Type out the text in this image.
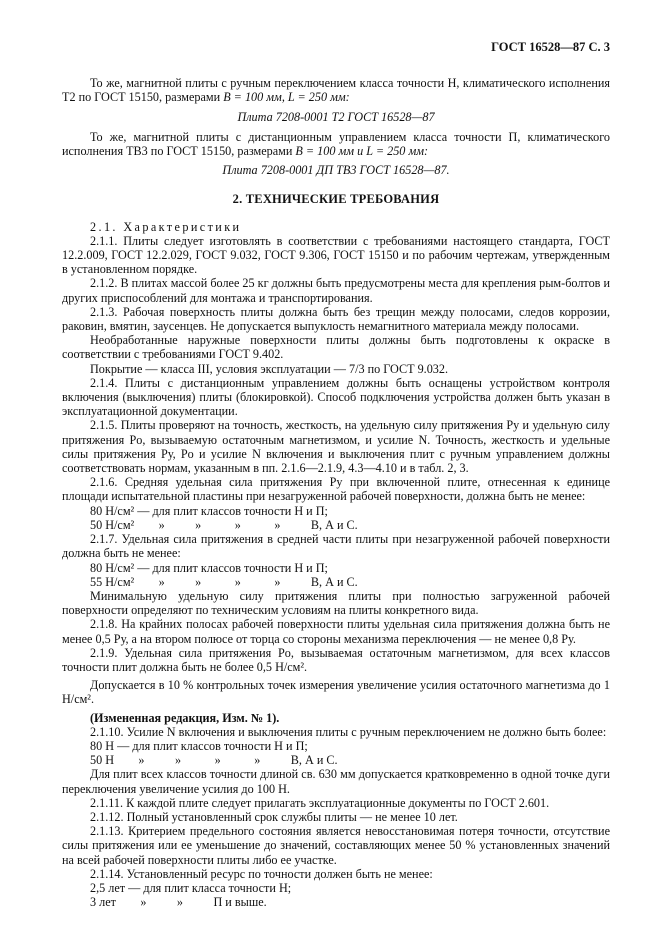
ГОСТ 16528—87 С. 3

То же, магнитной плиты с ручным переключением класса точности Н, климатического исполнения Т2 по ГОСТ 15150, размерами B = 100 мм, L = 250 мм:

Плита 7208-0001 Т2 ГОСТ 16528—87

То же, магнитной плиты с дистанционным управлением класса точности П, климатического исполнения ТВ3 по ГОСТ 15150, размерами B = 100 мм и L = 250 мм:

Плита 7208-0001 ДП ТВ3 ГОСТ 16528—87.

2. ТЕХНИЧЕСКИЕ ТРЕБОВАНИЯ

2.1. Характеристики

2.1.1. Плиты следует изготовлять в соответствии с требованиями настоящего стандарта, ГОСТ 12.2.009, ГОСТ 12.2.029, ГОСТ 9.032, ГОСТ 9.306, ГОСТ 15150 и по рабочим чертежам, утвержденным в установленном порядке.

2.1.2. В плитах массой более 25 кг должны быть предусмотрены места для крепления рым-болтов и других приспособлений для монтажа и транспортирования.

2.1.3. Рабочая поверхность плиты должна быть без трещин между полосами, следов коррозии, раковин, вмятин, заусенцев. Не допускается выпуклость немагнитного материала между полосами.

Необработанные наружные поверхности плиты должны быть подготовлены к окраске в соответствии с требованиями ГОСТ 9.402.

Покрытие — класса III, условия эксплуатации — 7/3 по ГОСТ 9.032.

2.1.4. Плиты с дистанционным управлением должны быть оснащены устройством контроля включения (выключения) плиты (блокировкой). Способ подключения устройства должен быть указан в эксплуатационной документации.

2.1.5. Плиты проверяют на точность, жесткость, на удельную силу притяжения Pу и удельную силу притяжения Pо, вызываемую остаточным магнетизмом, и усилие N. Точность, жесткость и удельные силы притяжения Pу, Pо и усилие N включения и выключения плит с ручным управлением должны соответствовать нормам, указанным в пп. 2.1.6—2.1.9, 4.3—4.10 и в табл. 2, 3.

2.1.6. Средняя удельная сила притяжения Pу при включенной плите, отнесенная к единице площади испытательной пластины при незагруженной рабочей поверхности, должна быть не менее:

80 Н/см² — для плит классов точности Н и П;

50 Н/см²        »          »           »           »          В, А и С.

2.1.7. Удельная сила притяжения в средней части плиты при незагруженной рабочей поверхности должна быть не менее:

80 Н/см² — для плит классов точности Н и П;

55 Н/см²        »          »           »           »          В, А и С.

Минимальную удельную силу притяжения плиты при полностью загруженной рабочей поверхности определяют по техническим условиям на плиты конкретного вида.

2.1.8. На крайних полосах рабочей поверхности плиты удельная сила притяжения должна быть не менее 0,5 Pу, а на втором полюсе от торца со стороны механизма переключения — не менее 0,8 Pу.

2.1.9. Удельная сила притяжения Pо, вызываемая остаточным магнетизмом, для всех классов точности плит должна быть не более 0,5 Н/см².

Допускается в 10 % контрольных точек измерения увеличение усилия остаточного магнетизма до 1 Н/см².

(Измененная редакция, Изм. № 1).

2.1.10. Усилие N включения и выключения плиты с ручным переключением не должно быть более:

80 Н — для плит классов точности Н и П;

50 Н        »          »           »           »          В, А и С.

Для плит всех классов точности длиной св. 630 мм допускается кратковременно в одной точке дуги переключения увеличение усилия до 100 Н.

2.1.11. К каждой плите следует прилагать эксплуатационные документы по ГОСТ 2.601.

2.1.12. Полный установленный срок службы плиты — не менее 10 лет.

2.1.13. Критерием предельного состояния является невосстановимая потеря точности, отсутствие силы притяжения или ее уменьшение до значений, составляющих менее 50 % установленных значений на всей рабочей поверхности плиты либо ее участке.

2.1.14. Установленный ресурс по точности должен быть не менее:

2,5 лет — для плит класса точности Н;

3 лет        »          »          П и выше.
